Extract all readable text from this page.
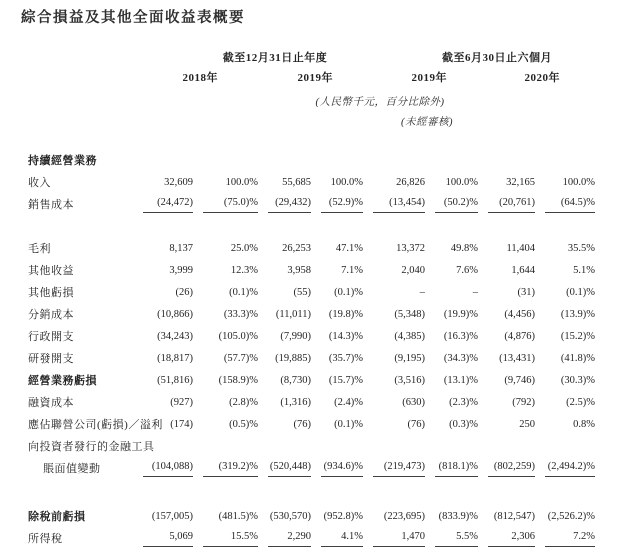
綜合損益及其他全面收益表概要
截至12月31日止年度	截至6月30日止六個月
2018年	2019年	2019年	2020年
(人民幣千元，百分比除外)
(未經審核)
持續經營業務								
收入	32,609	100.0%	55,685	100.0%	26,826	100.0%	32,165	100.0%
銷售成本	(24,472)	(75.0)%	(29,432)	(52.9)%	(13,454)	(50.2)%	(20,761)	(64.5)%

毛利	8,137	25.0%	26,253	47.1%	13,372	49.8%	11,404	35.5%
其他收益	3,999	12.3%	3,958	7.1%	2,040	7.6%	1,644	5.1%
其他虧損	(26)	(0.1)%	(55)	(0.1)%	–	–	(31)	(0.1)%
分銷成本	(10,866)	(33.3)%	(11,011)	(19.8)%	(5,348)	(19.9)%	(4,456)	(13.9)%
行政開支	(34,243)	(105.0)%	(7,990)	(14.3)%	(4,385)	(16.3)%	(4,876)	(15.2)%
研發開支	(18,817)	(57.7)%	(19,885)	(35.7)%	(9,195)	(34.3)%	(13,431)	(41.8)%
經營業務虧損	(51,816)	(158.9)%	(8,730)	(15.7)%	(3,516)	(13.1)%	(9,746)	(30.3)%
融資成本	(927)	(2.8)%	(1,316)	(2.4)%	(630)	(2.3)%	(792)	(2.5)%
應佔聯營公司(虧損)／溢利	(174)	(0.5)%	(76)	(0.1)%	(76)	(0.3)%	250	0.8%
向投資者發行的金融工具								
賬面值變動	(104,088)	(319.2)%	(520,448)	(934.6)%	(219,473)	(818.1)%	(802,259)	(2,494.2)%

除稅前虧損	(157,005)	(481.5)%	(530,570)	(952.8)%	(223,695)	(833.9)%	(812,547)	(2,526.2)%
所得稅	5,069	15.5%	2,290	4.1%	1,470	5.5%	2,306	7.2%
